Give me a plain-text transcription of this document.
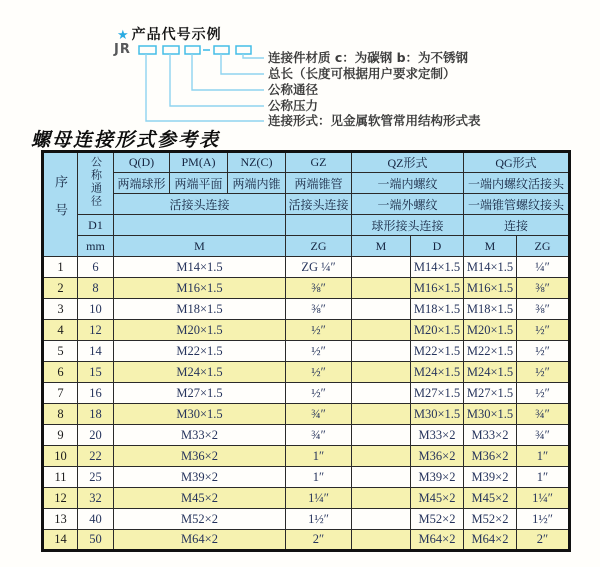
★ 产品代号示例
JR
连接件材质 c：为碳钢 b：为不锈钢
总长（长度可根据用户要求定制）
公称通径
公称压力
连接形式：见金属软管常用结构形式表
螺母连接形式参考表
序号	公称通径	Q(D)	PM(A)	NZ(C)	GZ	QZ形式		QG形式	
		两端球形	两端平面	两端内锥	两端锥管	一端内螺纹		一端内螺纹活接头	
		活接头连接			活接头连接	一端外螺纹		一端锥管螺纹接头	
	D1					球形接头连接		连接	
	mm	M			ZG	M	D	M	ZG
1	6	M14×1.5			ZG ¼″		M14×1.5	M14×1.5	¼″
2	8	M16×1.5			⅜″		M16×1.5	M16×1.5	⅜″
3	10	M18×1.5			⅜″		M18×1.5	M18×1.5	⅜″
4	12	M20×1.5			½″		M20×1.5	M20×1.5	½″
5	14	M22×1.5			½″		M22×1.5	M22×1.5	½″
6	15	M24×1.5			½″		M24×1.5	M24×1.5	½″
7	16	M27×1.5			½″		M27×1.5	M27×1.5	½″
8	18	M30×1.5			¾″		M30×1.5	M30×1.5	¾″
9	20	M33×2			¾″		M33×2	M33×2	¾″
10	22	M36×2			1″		M36×2	M36×2	1″
11	25	M39×2			1″		M39×2	M39×2	1″
12	32	M45×2			1¼″		M45×2	M45×2	1¼″
13	40	M52×2			1½″		M52×2	M52×2	1½″
14	50	M64×2			2″		M64×2	M64×2	2″
